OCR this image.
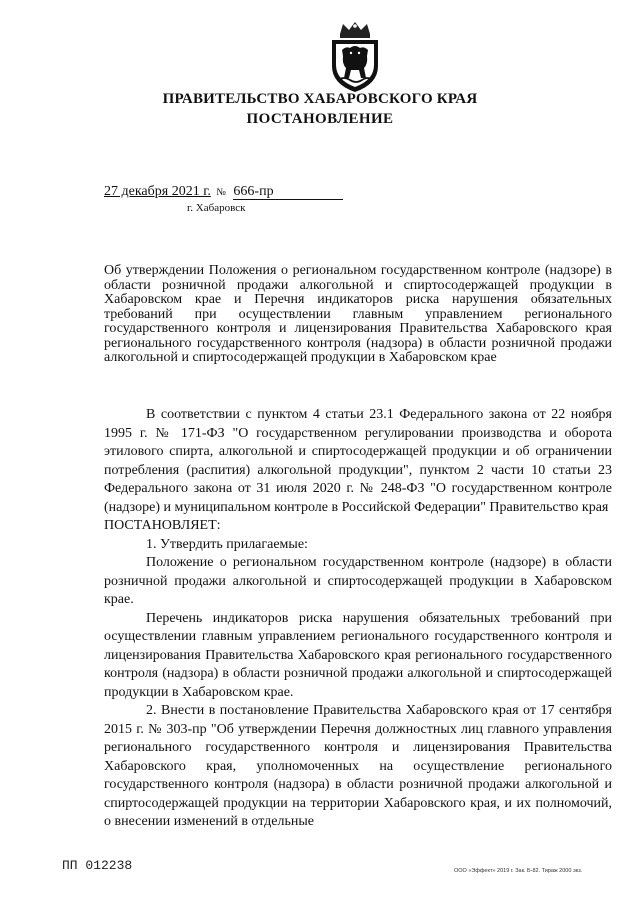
ПРАВИТЕЛЬСТВО ХАБАРОВСКОГО КРАЯ
ПОСТАНОВЛЕНИЕ
27 декабря 2021 г. № 666-пр
г. Хабаровск
Об утверждении Положения о региональном государственном контроле (надзоре) в области розничной продажи алкогольной и спиртосодержащей продукции в Хабаровском крае и Перечня индикаторов риска нарушения обязательных требований при осуществлении главным управлением регионального государственного контроля и лицензирования Правительства Хабаровского края регионального государственного контроля (надзора) в области розничной продажи алкогольной и спиртосодержащей продукции в Хабаровском крае

В соответствии с пунктом 4 статьи 23.1 Федерального закона от 22 ноября 1995 г. № 171-ФЗ "О государственном регулировании производства и оборота этилового спирта, алкогольной и спиртосодержащей продукции и об ограничении потребления (распития) алкогольной продукции", пунктом 2 части 10 статьи 23 Федерального закона от 31 июля 2020 г. № 248-ФЗ "О государственном контроле (надзоре) и муниципальном контроле в Российской Федерации" Правительство края

ПОСТАНОВЛЯЕТ:

1. Утвердить прилагаемые:

Положение о региональном государственном контроле (надзоре) в области розничной продажи алкогольной и спиртосодержащей продукции в Хабаровском крае.

Перечень индикаторов риска нарушения обязательных требований при осуществлении главным управлением регионального государственного контроля и лицензирования Правительства Хабаровского края регионального государственного контроля (надзора) в области розничной продажи алкогольной и спиртосодержащей продукции в Хабаровском крае.

2. Внести в постановление Правительства Хабаровского края от 17 сентября 2015 г. № 303-пр "Об утверждении Перечня должностных лиц главного управления регионального государственного контроля и лицензирования Правительства Хабаровского края, уполномоченных на осуществление регионального государственного контроля (надзора) в области розничной продажи алкогольной и спиртосодержащей продукции на территории Хабаровского края, и их полномочий, о внесении изменений в отдельные

ПП 012238	ООО «Эффект» 2019 г. Зак. Б-82. Тираж 2000 экз.
